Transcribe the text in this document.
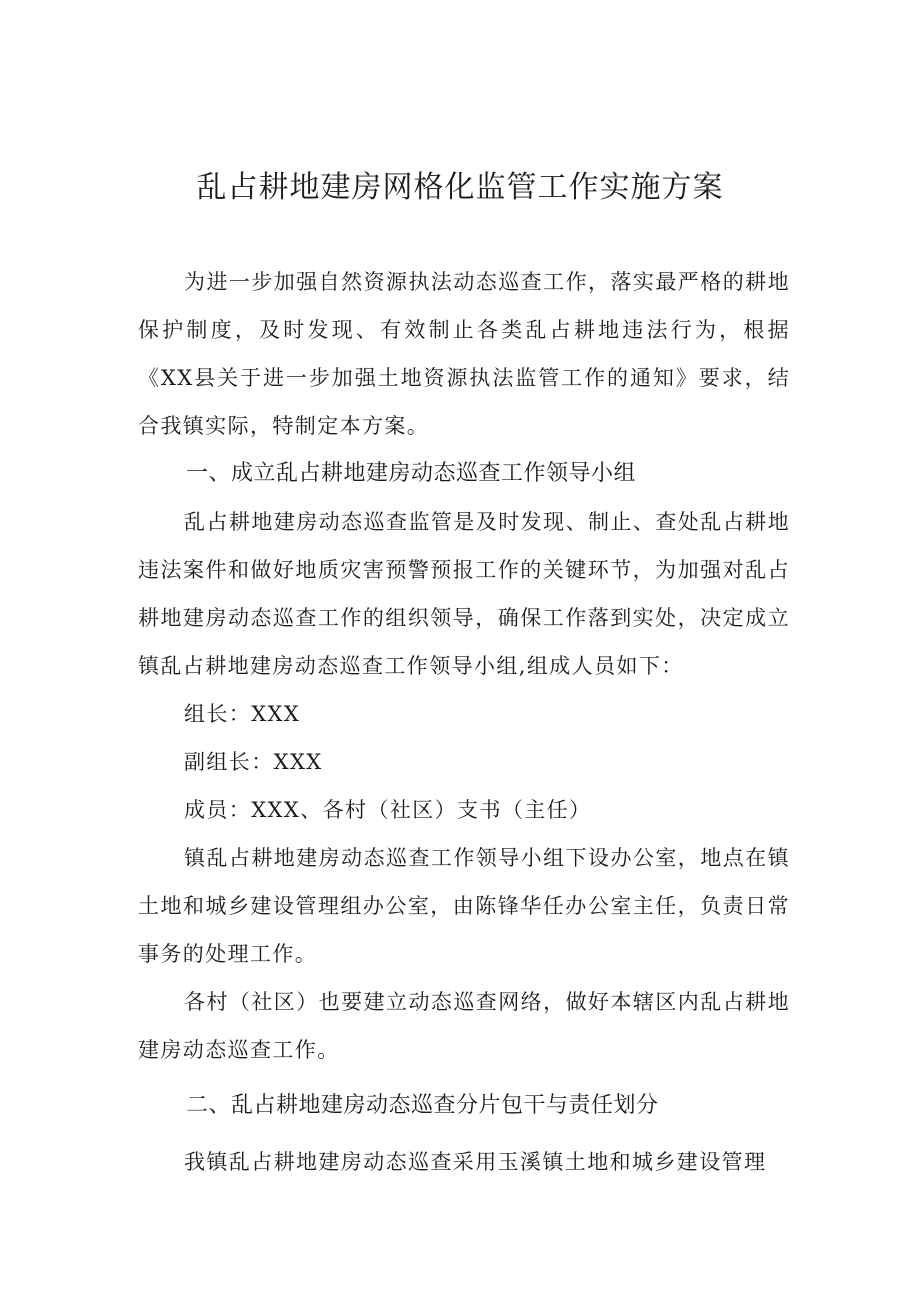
乱占耕地建房网格化监管工作实施方案

为进一步加强自然资源执法动态巡查工作，落实最严格的耕地保护制度，及时发现、有效制止各类乱占耕地违法行为，根据《XX县关于进一步加强土地资源执法监管工作的通知》要求，结合我镇实际，特制定本方案。

一、成立乱占耕地建房动态巡查工作领导小组

乱占耕地建房动态巡查监管是及时发现、制止、查处乱占耕地违法案件和做好地质灾害预警预报工作的关键环节，为加强对乱占耕地建房动态巡查工作的组织领导，确保工作落到实处，决定成立镇乱占耕地建房动态巡查工作领导小组,组成人员如下：

组长：XXX

副组长：XXX

成员：XXX、各村（社区）支书（主任）

镇乱占耕地建房动态巡查工作领导小组下设办公室，地点在镇土地和城乡建设管理组办公室，由陈锋华任办公室主任，负责日常事务的处理工作。

各村（社区）也要建立动态巡查网络，做好本辖区内乱占耕地建房动态巡查工作。

二、乱占耕地建房动态巡查分片包干与责任划分

我镇乱占耕地建房动态巡查采用玉溪镇土地和城乡建设管理
